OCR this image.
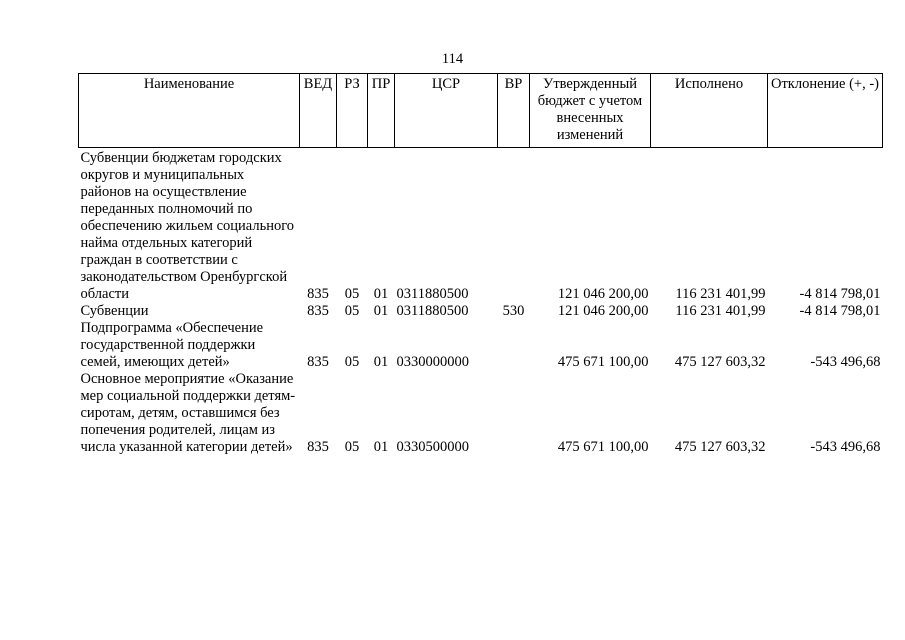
114
Наименование	ВЕД	РЗ	ПР	ЦСР	ВР	Утвержденный бюджет с учетом внесенных изменений	Исполнено	Отклонение (+, -)

Субвенции бюджетам городских округов и муниципальных районов на осуществление переданных полномочий по обеспечению жильем социального найма отдельных категорий граждан в соответствии с законодательством Оренбургской области	835	05	01	0311880500		121 046 200,00	116 231 401,99	-4 814 798,01
Субвенции	835	05	01	0311880500	530	121 046 200,00	116 231 401,99	-4 814 798,01
Подпрограмма «Обеспечение государственной поддержки семей, имеющих детей»	835	05	01	0330000000		475 671 100,00	475 127 603,32	-543 496,68
Основное мероприятие «Оказание мер социальной поддержки детям-сиротам, детям, оставшимся без попечения родителей, лицам из числа указанной категории детей»	835	05	01	0330500000		475 671 100,00	475 127 603,32	-543 496,68
